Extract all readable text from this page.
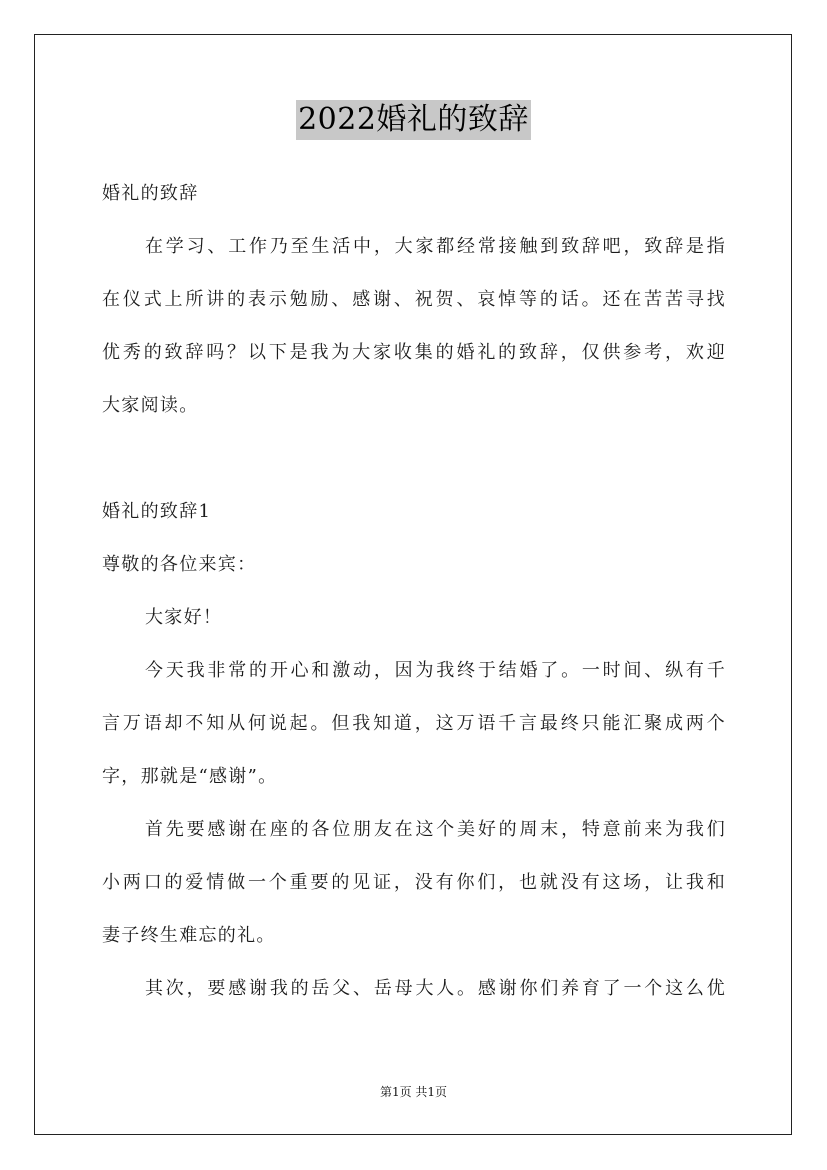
2022婚礼的致辞
婚礼的致辞
在学习、工作乃至生活中，大家都经常接触到致辞吧，致辞是指
在仪式上所讲的表示勉励、感谢、祝贺、哀悼等的话。还在苦苦寻找
优秀的致辞吗？以下是我为大家收集的婚礼的致辞，仅供参考，欢迎
大家阅读。
婚礼的致辞1
尊敬的各位来宾：
大家好！
今天我非常的开心和激动，因为我终于结婚了。一时间、纵有千
言万语却不知从何说起。但我知道，这万语千言最终只能汇聚成两个
字，那就是“感谢”。
首先要感谢在座的各位朋友在这个美好的周末，特意前来为我们
小两口的爱情做一个重要的见证，没有你们，也就没有这场，让我和
妻子终生难忘的礼。
其次，要感谢我的岳父、岳母大人。感谢你们养育了一个这么优
第1页 共1页
